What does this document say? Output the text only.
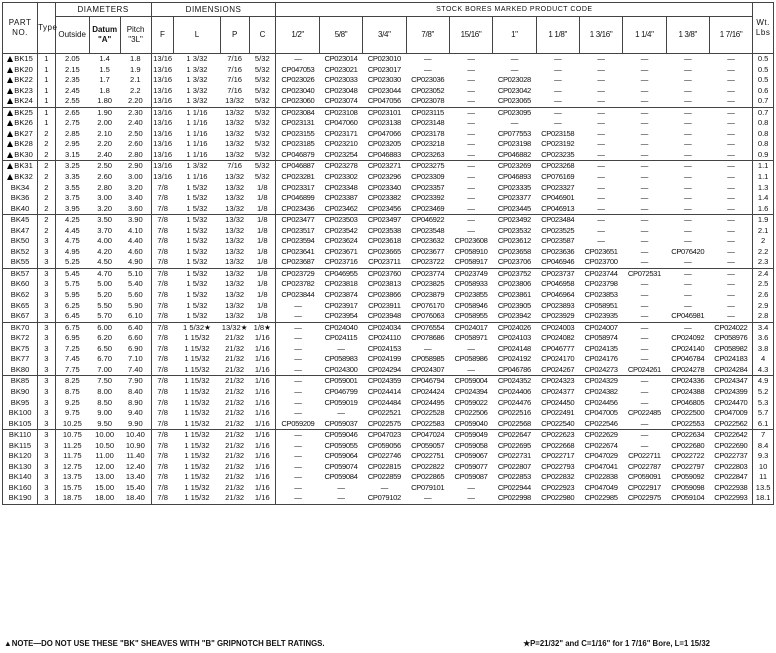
PART NO.	Type	DIAMETERS			DIMENSIONS				STOCK BORES MARKED PRODUCT CODE											Wt. Lbs
		Outside	Datum "A"	Pitch "3L"	F	L	P	C	1/2"	5/8"	3/4"	7/8"	15/16"	1"	1 1/8"	1 3/16"	1 1/4"	1 3/8"	1 7/16"	
BK15	1	2.05	1.4	1.8	13/16	1 3/32	7/16	5/32	—	CP023014	CP023010	—	—	—	—	—	—	—	—	0.5
BK20	1	2.15	1.5	1.9	13/16	1 3/32	7/16	5/32	CP047053	CP023021	CP023017	—	—	—	—	—	—	—	—	0.5
BK22	1	2.35	1.7	2.1	13/16	1 3/32	7/16	5/32	CP023026	CP023033	CP023030	CP023036	—	CP023028	—	—	—	—	—	0.5
BK23	1	2.45	1.8	2.2	13/16	1 3/32	7/16	5/32	CP023040	CP023048	CP023044	CP023052	—	CP023042	—	—	—	—	—	0.6
BK24	1	2.55	1.80	2.20	13/16	1 3/32	13/32	5/32	CP023060	CP023074	CP047056	CP023078	—	CP023065	—	—	—	—	—	0.7
BK25	1	2.65	1.90	2.30	13/16	1 1/16	13/32	5/32	CP023084	CP023108	CP023101	CP023115	—	CP023095	—	—	—	—	—	0.7
BK26	1	2.75	2.00	2.40	13/16	1 1/16	13/32	5/32	CP023131	CP047060	CP023138	CP023148	—	—	—	—	—	—	—	0.8
BK27	2	2.85	2.10	2.50	13/16	1 1/16	13/32	5/32	CP023155	CP023171	CP047066	CP023178	—	CP077553	CP023158	—	—	—	—	0.8
BK28	2	2.95	2.20	2.60	13/16	1 1/16	13/32	5/32	CP023185	CP023210	CP023205	CP023218	—	CP023198	CP023192	—	—	—	—	0.8
BK30	2	3.15	2.40	2.80	13/16	1 1/16	13/32	5/32	CP046879	CP023254	CP046883	CP023263	—	CP046882	CP023235	—	—	—	—	0.9
BK31	2	3.25	2.50	2.90	13/16	1 3/32	7/16	5/32	CP046887	CP023278	CP023271	CP023275	—	CP023269	CP023268	—	—	—	—	1.1
BK32	2	3.35	2.60	3.00	13/16	1 1/16	13/32	5/32	CP023281	CP023302	CP023296	CP023309	—	CP046893	CP076169	—	—	—	—	1.1
BK34	2	3.55	2.80	3.20	7/8	1 5/32	13/32	1/8	CP023317	CP023348	CP023340	CP023357	—	CP023335	CP023327	—	—	—	—	1.3
BK36	2	3.75	3.00	3.40	7/8	1 5/32	13/32	1/8	CP046899	CP023387	CP023382	CP023392	—	CP023377	CP046901	—	—	—	—	1.4
BK40	2	3.95	3.20	3.60	7/8	1 5/32	13/32	1/8	CP023436	CP023462	CP023456	CP023469	—	CP023445	CP046913	—	—	—	—	1.6
BK45	2	4.25	3.50	3.90	7/8	1 5/32	13/32	1/8	CP023477	CP023503	CP023497	CP046922	—	CP023492	CP023484	—	—	—	—	1.9
BK47	2	4.45	3.70	4.10	7/8	1 5/32	13/32	1/8	CP023517	CP023542	CP023538	CP023548	—	CP023532	CP023525	—	—	—	—	2.1
BK50	3	4.75	4.00	4.40	7/8	1 5/32	13/32	1/8	CP023594	CP023624	CP023618	CP023632	CP023608	CP023612	CP023587	—	—	—	—	2
BK52	3	4.95	4.20	4.60	7/8	1 5/32	13/32	1/8	CP023641	CP023671	CP023665	CP023677	CP058910	CP023658	CP023636	CP023651	—	CP076420	—	2.2
BK55	3	5.25	4.50	4.90	7/8	1 5/32	13/32	1/8	CP023687	CP023716	CP023711	CP023722	CP058917	CP023706	CP046946	CP023700	—	—	—	2.3
BK57	3	5.45	4.70	5.10	7/8	1 5/32	13/32	1/8	CP023729	CP046955	CP023760	CP023774	CP023749	CP023752	CP023737	CP023744	CP072531	—	—	2.4
BK60	3	5.75	5.00	5.40	7/8	1 5/32	13/32	1/8	CP023782	CP023818	CP023813	CP023825	CP058933	CP023806	CP046958	CP023798	—	—	—	2.5
BK62	3	5.95	5.20	5.60	7/8	1 5/32	13/32	1/8	CP023844	CP023874	CP023866	CP023879	CP023855	CP023861	CP046964	CP023853	—	—	—	2.6
BK65	3	6.25	5.50	5.90	7/8	1 5/32	13/32	1/8	—	CP023917	CP023911	CP076170	CP058946	CP023905	CP023893	CP058951	—	—	—	2.9
BK67	3	6.45	5.70	6.10	7/8	1 5/32	13/32	1/8	—	CP023954	CP023948	CP076063	CP058955	CP023942	CP023929	CP023935	—	CP046981	—	2.8
BK70	3	6.75	6.00	6.40	7/8	1 5/32★	13/32★	1/8★	—	CP024040	CP024034	CP076554	CP024017	CP024026	CP024003	CP024007	—	—	CP024022	3.4
BK72	3	6.95	6.20	6.60	7/8	1 15/32	21/32	1/16	—	CP024115	CP024110	CP078686	CP058971	CP024103	CP024082	CP058974	—	CP024092	CP058976	3.6
BK75	3	7.25	6.50	6.90	7/8	1 15/32	21/32	1/16	—	—	CP024153	—	—	CP024148	CP046777	CP024135	—	CP024140	CP058982	3.8
BK77	3	7.45	6.70	7.10	7/8	1 15/32	21/32	1/16	—	CP058983	CP024199	CP058985	CP058986	CP024192	CP024170	CP024176	—	CP046784	CP024183	4
BK80	3	7.75	7.00	7.40	7/8	1 15/32	21/32	1/16	—	CP024300	CP024294	CP024307	—	CP046786	CP024267	CP024273	CP024261	CP024278	CP024284	4.3
BK85	3	8.25	7.50	7.90	7/8	1 15/32	21/32	1/16	—	CP059001	CP024359	CP046794	CP059004	CP024352	CP024323	CP024329	—	CP024336	CP024347	4.9
BK90	3	8.75	8.00	8.40	7/8	1 15/32	21/32	1/16	—	CP046799	CP024414	CP024424	CP024394	CP024406	CP024377	CP024382	—	CP024388	CP024399	5.2
BK95	3	9.25	8.50	8.90	7/8	1 15/32	21/32	1/16	—	CP059019	CP024484	CP024495	CP059022	CP024476	CP024450	CP024456	—	CP046805	CP024470	5.3
BK100	3	9.75	9.00	9.40	7/8	1 15/32	21/32	1/16	—	—	CP022521	CP022528	CP022506	CP022516	CP022491	CP047005	CP022485	CP022500	CP047009	5.7
BK105	3	10.25	9.50	9.90	7/8	1 15/32	21/32	1/16	CP059209	CP059037	CP022575	CP022583	CP059040	CP022568	CP022540	CP022546	—	CP022553	CP022562	6.1
BK110	3	10.75	10.00	10.40	7/8	1 15/32	21/32	1/16	—	CP059046	CP047023	CP047024	CP059049	CP022647	CP022623	CP022629	—	CP022634	CP022642	7
BK115	3	11.25	10.50	10.90	7/8	1 15/32	21/32	1/16	—	CP059055	CP059056	CP059057	CP059058	CP022695	CP022668	CP022674	—	CP022680	CP022690	8.4
BK120	3	11.75	11.00	11.40	7/8	1 15/32	21/32	1/16	—	CP059064	CP022746	CP022751	CP059067	CP022731	CP022717	CP047029	CP022711	CP022722	CP022737	9.3
BK130	3	12.75	12.00	12.40	7/8	1 15/32	21/32	1/16	—	CP059074	CP022815	CP022822	CP059077	CP022807	CP022793	CP047041	CP022787	CP022797	CP022803	10
BK140	3	13.75	13.00	13.40	7/8	1 15/32	21/32	1/16	—	CP059084	CP022859	CP022865	CP059087	CP022853	CP022832	CP022838	CP059091	CP059092	CP022847	11
BK160	3	15.75	15.00	15.40	7/8	1 15/32	21/32	1/16	—	—	—	CP079101	—	CP022944	CP022923	CP047049	CP022917	CP059098	CP022938	13.5
BK190	3	18.75	18.00	18.40	7/8	1 15/32	21/32	1/16	—	—	CP079102	—	—	CP022998	CP022980	CP022985	CP022975	CP059104	CP022993	18.1
▲NOTE—DO NOT USE THESE "BK" SHEAVES WITH "B" GRIPNOTCH BELT RATINGS.	★P=21/32" and C=1/16" for 1 7/16" Bore, L=1 15/32
